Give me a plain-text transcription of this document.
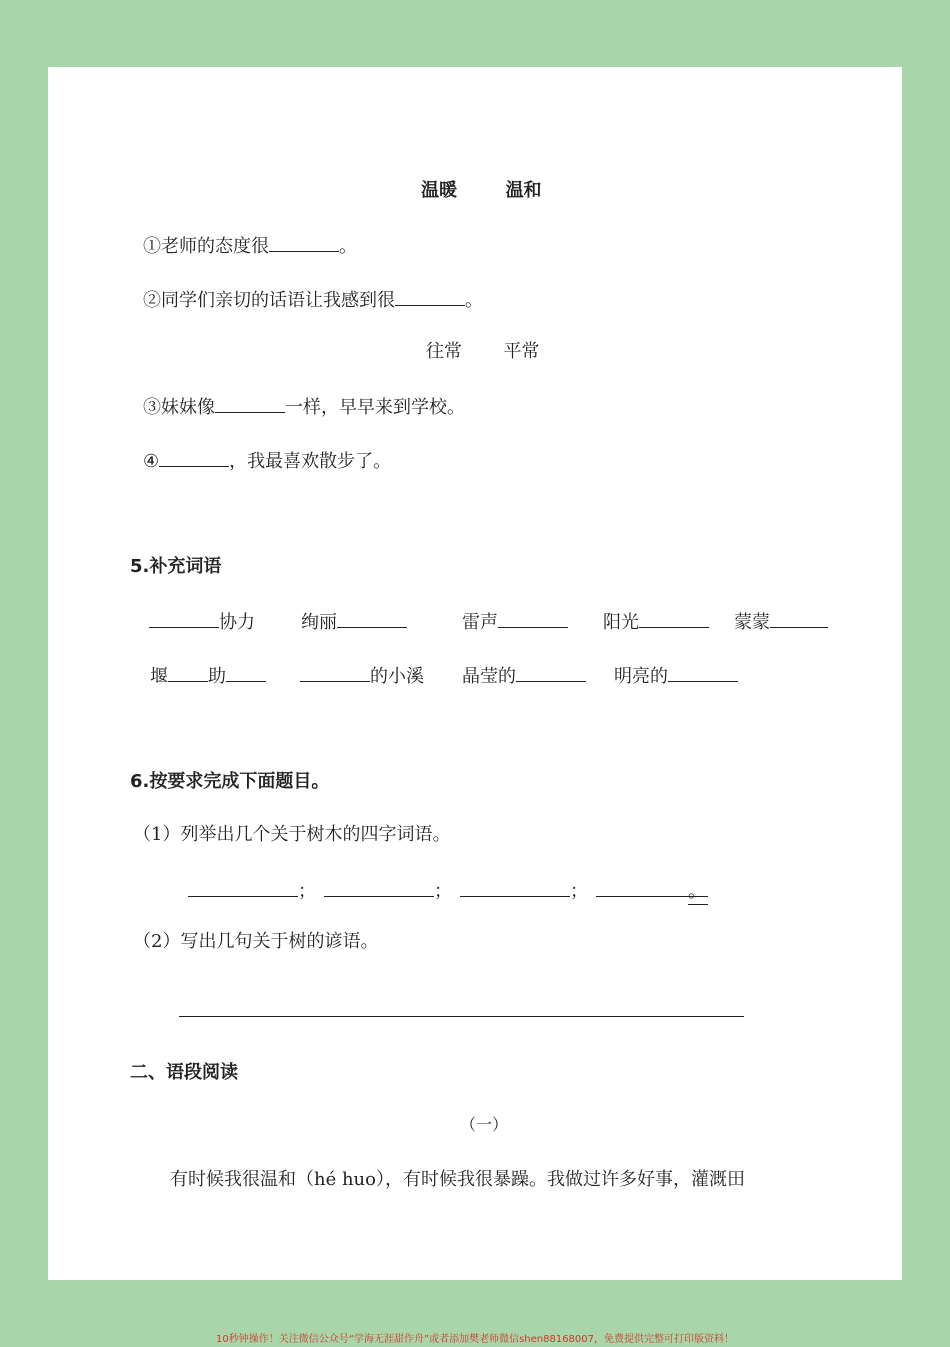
温暖	温和
①老师的态度很	。
②同学们亲切的话语让我感到很	。
往常 平常
③妹妹像	一样，早早来到学校。
④	，我最喜欢散步了。
5.补充词语
协力	绚丽	雷声	阳光	蒙蒙
堰 助	的小溪 晶莹的	明亮的
6.按要求完成下面题目。
（1）列举出几个关于树木的四字词语。
；	；	；	。
（2）写出几句关于树的谚语。
二、语段阅读
（一）
有时候我很温和（hé huo），有时候我很暴躁。我做过许多好事，灌溉田
10秒钟操作！关注微信公众号“学海无涯甜作舟”或者添加樊老师微信shen88168007，免费提供完整可打印版资料！
